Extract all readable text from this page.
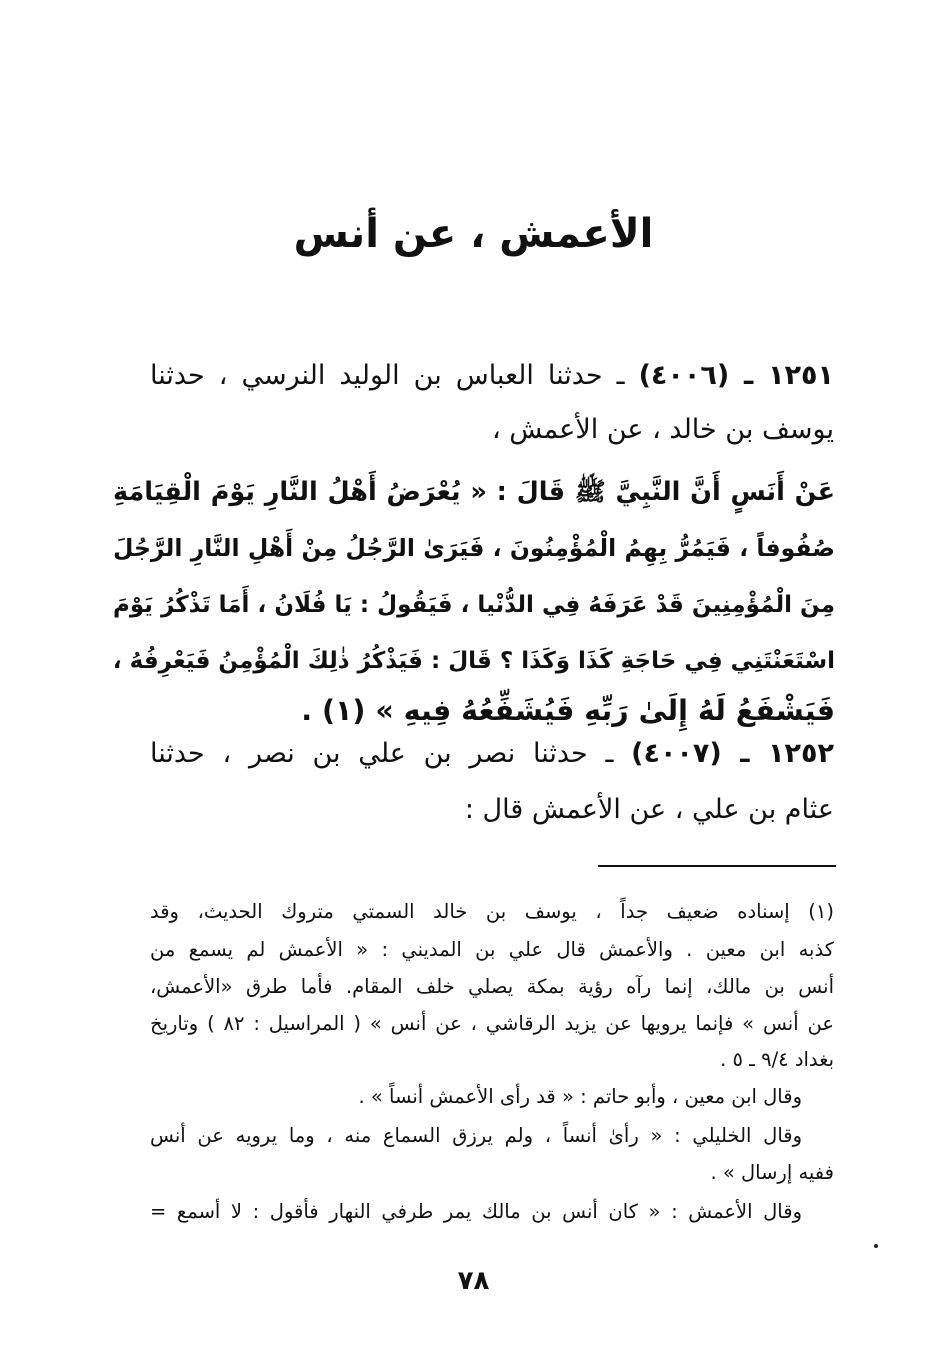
الأعمش ، عن أنس
١٢٥١ ـ (٤٠٠٦) ـ حدثنا العباس بن الوليد النرسي ، حدثنا
يوسف بن خالد ، عن الأعمش ،
عَنْ أَنَسٍ أَنَّ النَّبِيَّ ﷺ قَالَ : « يُعْرَضُ أَهْلُ النَّارِ يَوْمَ الْقِيَامَةِ
صُفُوفاً ، فَيَمُرُّ بِهِمُ الْمُؤْمِنُونَ ، فَيَرَىٰ الرَّجُلُ مِنْ أَهْلِ النَّارِ الرَّجُلَ
مِنَ الْمُؤْمِنِينَ قَدْ عَرَفَهُ فِي الدُّنْيا ، فَيَقُولُ : يَا فُلَانُ ، أَمَا تَذْكُرُ يَوْمَ
اسْتَعَنْتَنِي فِي حَاجَةِ كَذَا وَكَذَا ؟ قَالَ : فَيَذْكُرُ ذٰلِكَ الْمُؤْمِنُ فَيَعْرِفُهُ ،
فَيَشْفَعُ لَهُ إِلَىٰ رَبِّهِ فَيُشَفِّعُهُ فِيهِ » (١) .
١٢٥٢ ـ (٤٠٠٧) ـ حدثنا نصر بن علي بن نصر ، حدثنا
عثام بن علي ، عن الأعمش قال :
(١) إسناده ضعيف جداً ، يوسف بن خالد السمتي متروك الحديث، وقد
كذبه ابن معين . والأعمش قال علي بن المديني : « الأعمش لم يسمع من
أنس بن مالك، إنما رآه رؤية بمكة يصلي خلف المقام. فأما طرق «الأعمش،
عن أنس » فإنما يرويها عن يزيد الرقاشي ، عن أنس » ( المراسيل : ٨٢ ) وتاريخ
بغداد ٩/٤ ـ ٥ .
وقال ابن معين ، وأبو حاتم : « قد رأى الأعمش أنساً » .
وقال الخليلي : « رأىٰ أنساً ، ولم يرزق السماع منه ، وما يرويه عن أنس
ففيه إرسال » .
وقال الأعمش : « كان أنس بن مالك يمر طرفي النهار فأقول : لا أسمع =
٧٨
